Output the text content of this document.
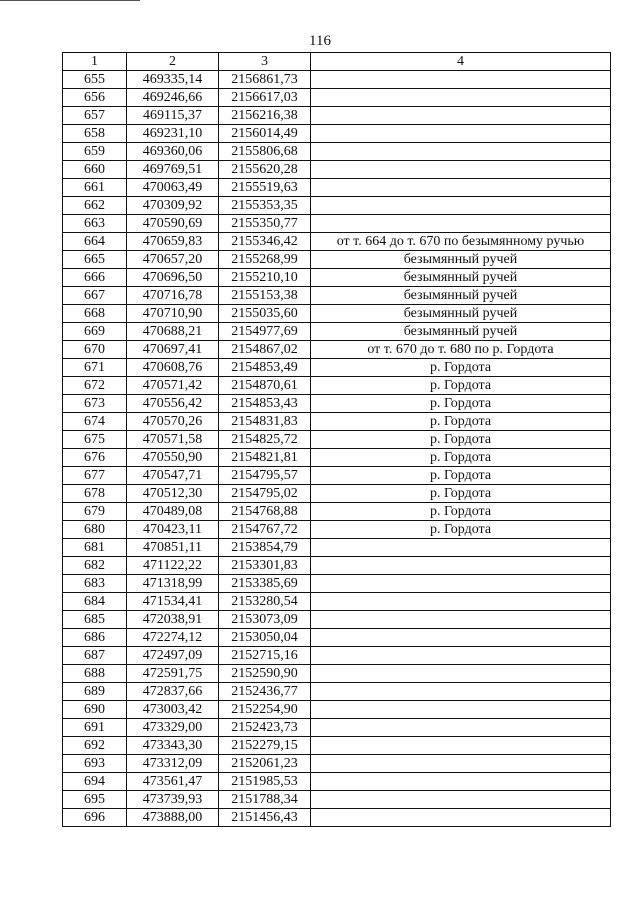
116
1	2	3	4
655	469335,14	2156861,73	
656	469246,66	2156617,03	
657	469115,37	2156216,38	
658	469231,10	2156014,49	
659	469360,06	2155806,68	
660	469769,51	2155620,28	
661	470063,49	2155519,63	
662	470309,92	2155353,35	
663	470590,69	2155350,77	
664	470659,83	2155346,42	от т. 664 до т. 670 по безымянному ручью
665	470657,20	2155268,99	безымянный ручей
666	470696,50	2155210,10	безымянный ручей
667	470716,78	2155153,38	безымянный ручей
668	470710,90	2155035,60	безымянный ручей
669	470688,21	2154977,69	безымянный ручей
670	470697,41	2154867,02	от т. 670 до т. 680 по р. Гордота
671	470608,76	2154853,49	р. Гордота
672	470571,42	2154870,61	р. Гордота
673	470556,42	2154853,43	р. Гордота
674	470570,26	2154831,83	р. Гордота
675	470571,58	2154825,72	р. Гордота
676	470550,90	2154821,81	р. Гордота
677	470547,71	2154795,57	р. Гордота
678	470512,30	2154795,02	р. Гордота
679	470489,08	2154768,88	р. Гордота
680	470423,11	2154767,72	р. Гордота
681	470851,11	2153854,79	
682	471122,22	2153301,83	
683	471318,99	2153385,69	
684	471534,41	2153280,54	
685	472038,91	2153073,09	
686	472274,12	2153050,04	
687	472497,09	2152715,16	
688	472591,75	2152590,90	
689	472837,66	2152436,77	
690	473003,42	2152254,90	
691	473329,00	2152423,73	
692	473343,30	2152279,15	
693	473312,09	2152061,23	
694	473561,47	2151985,53	
695	473739,93	2151788,34	
696	473888,00	2151456,43	
